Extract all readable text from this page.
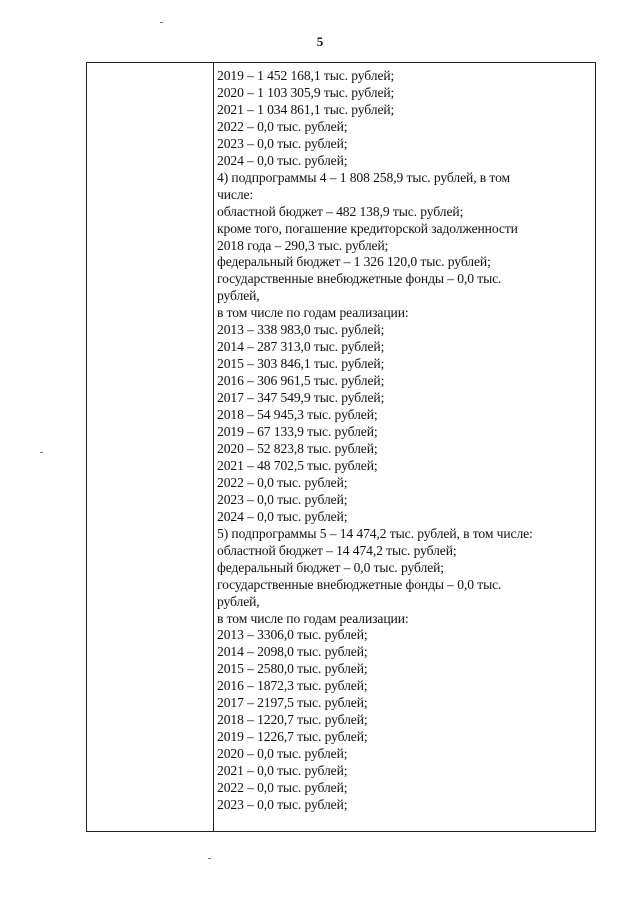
5
2019 – 1 452 168,1 тыс. рублей;
2020 – 1 103 305,9 тыс. рублей;
2021 – 1 034 861,1 тыс. рублей;
2022 – 0,0 тыс. рублей;
2023 – 0,0 тыс. рублей;
2024 – 0,0 тыс. рублей;
4) подпрограммы 4 – 1 808 258,9 тыс. рублей, в том
числе:
областной бюджет – 482 138,9 тыс. рублей;
кроме того, погашение кредиторской задолженности
2018 года – 290,3 тыс. рублей;
федеральный бюджет – 1 326 120,0 тыс. рублей;
государственные внебюджетные фонды – 0,0 тыс.
рублей,
в том числе по годам реализации:
2013 – 338 983,0 тыс. рублей;
2014 – 287 313,0 тыс. рублей;
2015 – 303 846,1 тыс. рублей;
2016 – 306 961,5 тыс. рублей;
2017 – 347 549,9 тыс. рублей;
2018 – 54 945,3 тыс. рублей;
2019 – 67 133,9 тыс. рублей;
2020 – 52 823,8 тыс. рублей;
2021 – 48 702,5 тыс. рублей;
2022 – 0,0 тыс. рублей;
2023 – 0,0 тыс. рублей;
2024 – 0,0 тыс. рублей;
5) подпрограммы 5 – 14 474,2 тыс. рублей, в том числе:
областной бюджет – 14 474,2 тыс. рублей;
федеральный бюджет – 0,0 тыс. рублей;
государственные внебюджетные фонды – 0,0 тыс.
рублей,
в том числе по годам реализации:
2013 – 3306,0 тыс. рублей;
2014 – 2098,0 тыс. рублей;
2015 – 2580,0 тыс. рублей;
2016 – 1872,3 тыс. рублей;
2017 – 2197,5 тыс. рублей;
2018 – 1220,7 тыс. рублей;
2019 – 1226,7 тыс. рублей;
2020 – 0,0 тыс. рублей;
2021 – 0,0 тыс. рублей;
2022 – 0,0 тыс. рублей;
2023 – 0,0 тыс. рублей;
